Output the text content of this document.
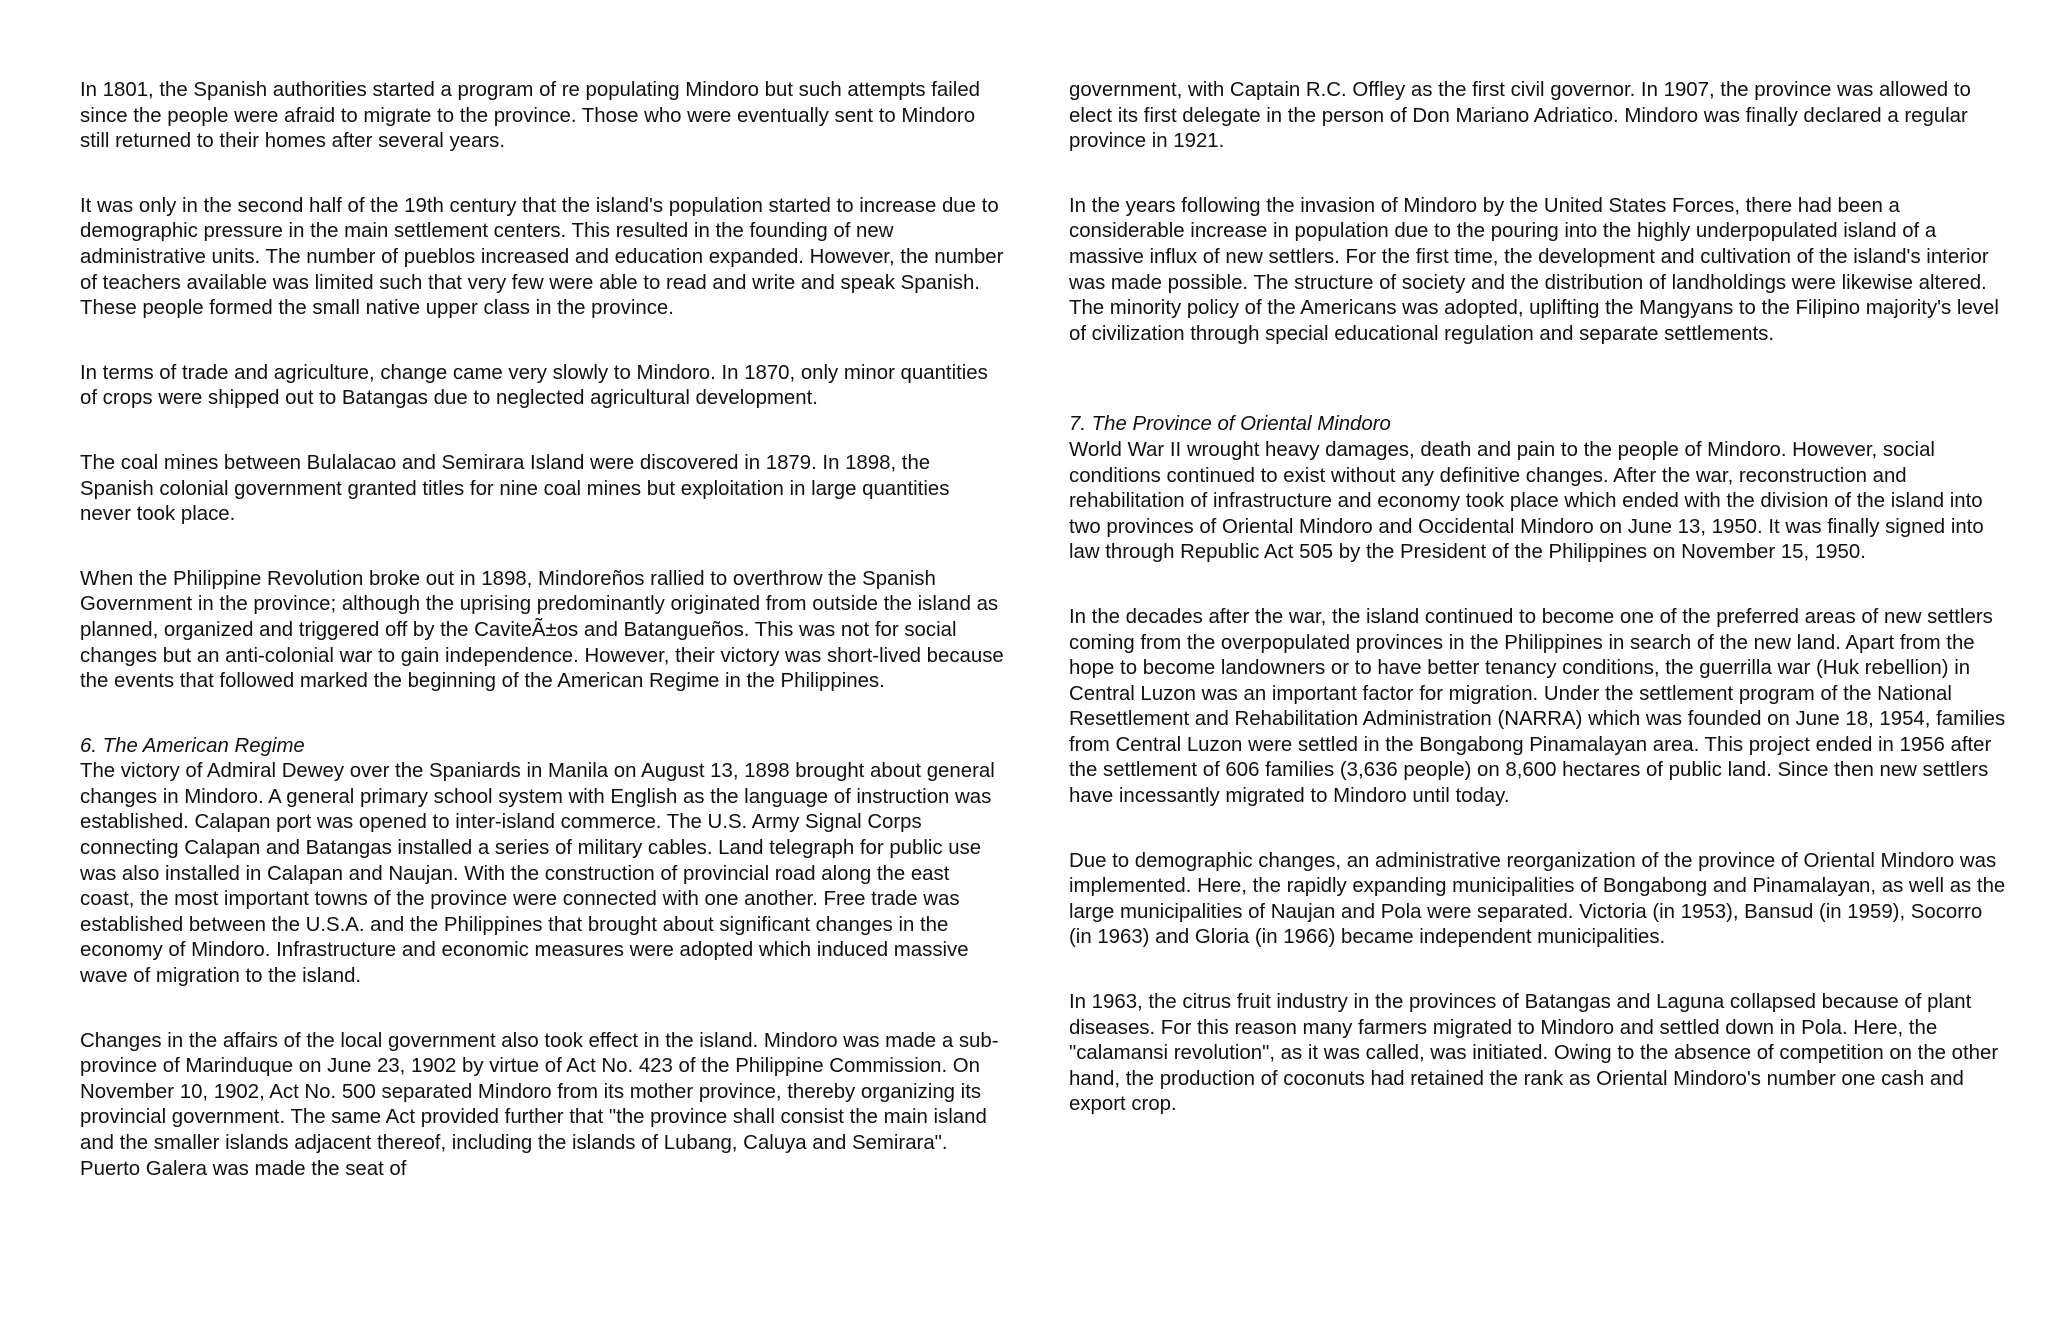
In 1801, the Spanish authorities started a program of re populating Mindoro but such attempts failed since the people were afraid to migrate to the province. Those who were eventually sent to Mindoro still returned to their homes after several years.

It was only in the second half of the 19th century that the island's population started to increase due to demographic pressure in the main settlement centers. This resulted in the founding of new administrative units. The number of pueblos increased and education expanded. However, the number of teachers available was limited such that very few were able to read and write and speak Spanish. These people formed the small native upper class in the province.

In terms of trade and agriculture, change came very slowly to Mindoro. In 1870, only minor quantities of crops were shipped out to Batangas due to neglected agricultural development.

The coal mines between Bulalacao and Semirara Island were discovered in 1879. In 1898, the Spanish colonial government granted titles for nine coal mines but exploitation in large quantities never took place.

When the Philippine Revolution broke out in 1898, Mindoreños rallied to overthrow the Spanish Government in the province; although the uprising predominantly originated from outside the island as planned, organized and triggered off by the CaviteÃ±os and Batangueños. This was not for social changes but an anti-colonial war to gain independence. However, their victory was short-lived because the events that followed marked the beginning of the American Regime in the Philippines.

6. The American Regime

The victory of Admiral Dewey over the Spaniards in Manila on August 13, 1898 brought about general changes in Mindoro. A general primary school system with English as the language of instruction was established. Calapan port was opened to inter-island commerce. The U.S. Army Signal Corps connecting Calapan and Batangas installed a series of military cables. Land telegraph for public use was also installed in Calapan and Naujan. With the construction of provincial road along the east coast, the most important towns of the province were connected with one another. Free trade was established between the U.S.A. and the Philippines that brought about significant changes in the economy of Mindoro. Infrastructure and economic measures were adopted which induced massive wave of migration to the island.

Changes in the affairs of the local government also took effect in the island. Mindoro was made a sub-province of Marinduque on June 23, 1902 by virtue of Act No. 423 of the Philippine Commission. On November 10, 1902, Act No. 500 separated Mindoro from its mother province, thereby organizing its provincial government. The same Act provided further that "the province shall consist the main island and the smaller islands adjacent thereof, including the islands of Lubang, Caluya and Semirara". Puerto Galera was made the seat of

government, with Captain R.C. Offley as the first civil governor. In 1907, the province was allowed to elect its first delegate in the person of Don Mariano Adriatico. Mindoro was finally declared a regular province in 1921.

In the years following the invasion of Mindoro by the United States Forces, there had been a considerable increase in population due to the pouring into the highly underpopulated island of a massive influx of new settlers. For the first time, the development and cultivation of the island's interior was made possible. The structure of society and the distribution of landholdings were likewise altered. The minority policy of the Americans was adopted, uplifting the Mangyans to the Filipino majority's level of civilization through special educational regulation and separate settlements.

7. The Province of Oriental Mindoro

World War II wrought heavy damages, death and pain to the people of Mindoro. However, social conditions continued to exist without any definitive changes. After the war, reconstruction and rehabilitation of infrastructure and economy took place which ended with the division of the island into two provinces of Oriental Mindoro and Occidental Mindoro on June 13, 1950. It was finally signed into law through Republic Act 505 by the President of the Philippines on November 15, 1950.

In the decades after the war, the island continued to become one of the preferred areas of new settlers coming from the overpopulated provinces in the Philippines in search of the new land. Apart from the hope to become landowners or to have better tenancy conditions, the guerrilla war (Huk rebellion) in Central Luzon was an important factor for migration. Under the settlement program of the National Resettlement and Rehabilitation Administration (NARRA) which was founded on June 18, 1954, families from Central Luzon were settled in the Bongabong Pinamalayan area. This project ended in 1956 after the settlement of 606 families (3,636 people) on 8,600 hectares of public land. Since then new settlers have incessantly migrated to Mindoro until today.

Due to demographic changes, an administrative reorganization of the province of Oriental Mindoro was implemented. Here, the rapidly expanding municipalities of Bongabong and Pinamalayan, as well as the large municipalities of Naujan and Pola were separated. Victoria (in 1953), Bansud (in 1959), Socorro (in 1963) and Gloria (in 1966) became independent municipalities.

In 1963, the citrus fruit industry in the provinces of Batangas and Laguna collapsed because of plant diseases. For this reason many farmers migrated to Mindoro and settled down in Pola. Here, the "calamansi revolution", as it was called, was initiated. Owing to the absence of competition on the other hand, the production of coconuts had retained the rank as Oriental Mindoro's number one cash and export crop.
